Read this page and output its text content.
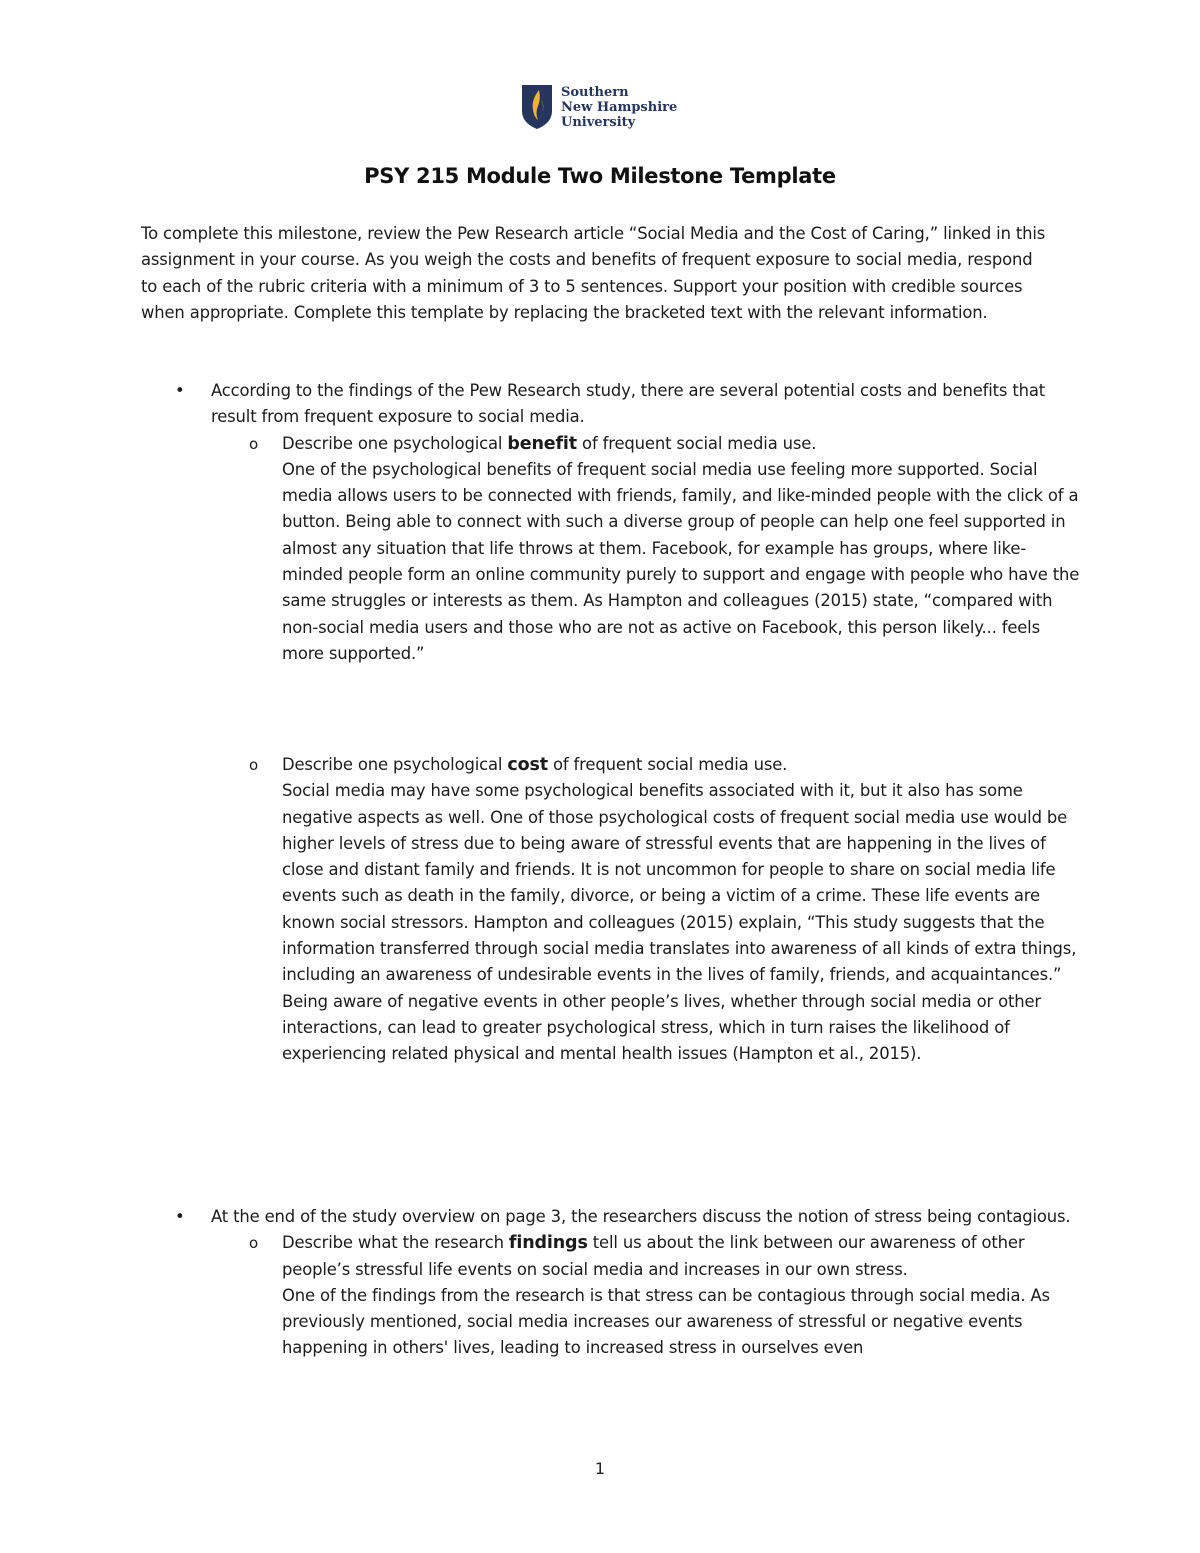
Southern
New Hampshire
University
PSY 215 Module Two Milestone Template
To complete this milestone, review the Pew Research article “Social Media and the Cost of Caring,” linked in this assignment in your course. As you weigh the costs and benefits of frequent exposure to social media, respond to each of the rubric criteria with a minimum of 3 to 5 sentences. Support your position with credible sources when appropriate. Complete this template by replacing the bracketed text with the relevant information.
• According to the findings of the Pew Research study, there are several potential costs and benefits that result from frequent exposure to social media.
o Describe one psychological benefit of frequent social media use.
One of the psychological benefits of frequent social media use feeling more supported. Social media allows users to be connected with friends, family, and like-minded people with the click of a button. Being able to connect with such a diverse group of people can help one feel supported in almost any situation that life throws at them. Facebook, for example has groups, where like-minded people form an online community purely to support and engage with people who have the same struggles or interests as them. As Hampton and colleagues (2015) state, “compared with non-social media users and those who are not as active on Facebook, this person likely... feels more supported.”
o Describe one psychological cost of frequent social media use.
Social media may have some psychological benefits associated with it, but it also has some negative aspects as well. One of those psychological costs of frequent social media use would be higher levels of stress due to being aware of stressful events that are happening in the lives of close and distant family and friends. It is not uncommon for people to share on social media life events such as death in the family, divorce, or being a victim of a crime. These life events are known social stressors. Hampton and colleagues (2015) explain, “This study suggests that the information transferred through social media translates into awareness of all kinds of extra things, including an awareness of undesirable events in the lives of family, friends, and acquaintances.” Being aware of negative events in other people’s lives, whether through social media or other interactions, can lead to greater psychological stress, which in turn raises the likelihood of experiencing related physical and mental health issues (Hampton et al., 2015).
• At the end of the study overview on page 3, the researchers discuss the notion of stress being contagious.
o Describe what the research findings tell us about the link between our awareness of other people’s stressful life events on social media and increases in our own stress.
One of the findings from the research is that stress can be contagious through social media. As previously mentioned, social media increases our awareness of stressful or negative events happening in others' lives, leading to increased stress in ourselves even
1
